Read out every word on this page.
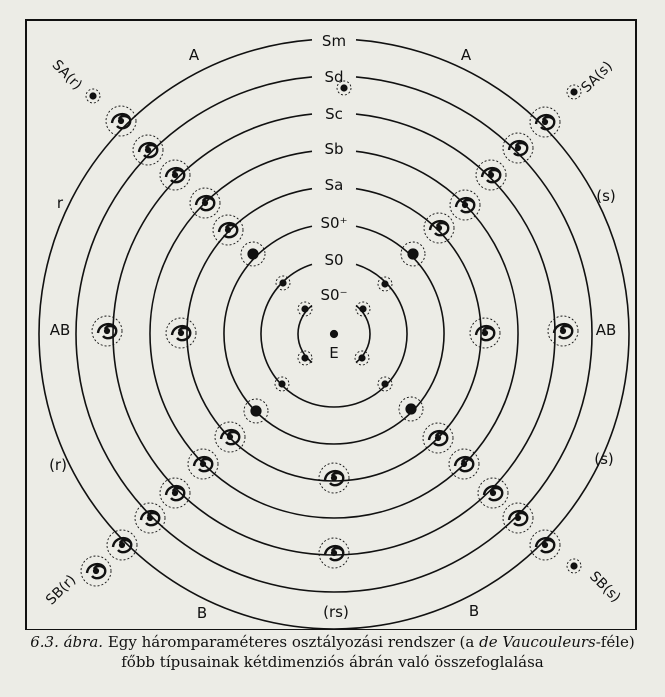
Sm
Sd
Sc
Sb
Sa
S0⁺
S0
S0⁻
E
SA(r)	SA(s)
SB(r)	SB(s)
A	A
B	B
AB	AB
r
(r)
(s)
(s)
(rs)
6.3. ábra. Egy háromparaméteres osztályozási rendszer (a de Vaucouleurs-féle)
főbb típusainak kétdimenziós ábrán való összefoglalása
